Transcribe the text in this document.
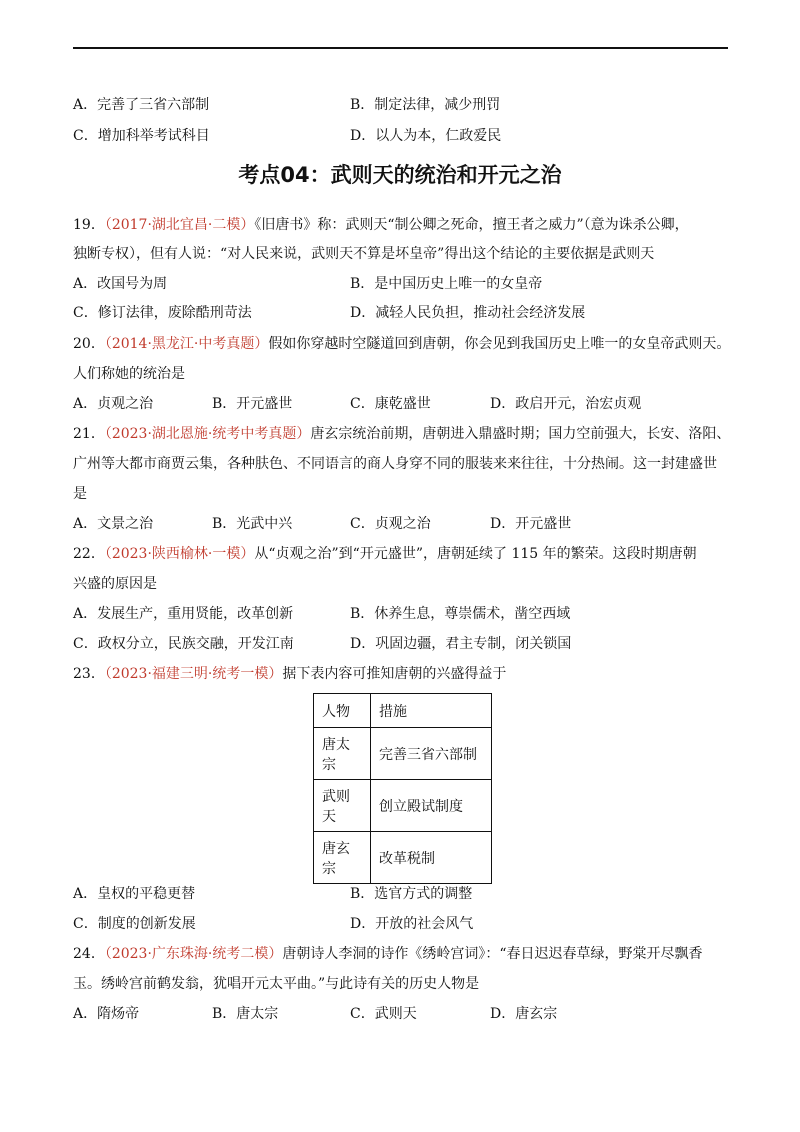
A．完善了三省六部制	B．制定法律，减少刑罚
C．增加科举考试科目	D．以人为本，仁政爱民
考点04：武则天的统治和开元之治
19．（2017·湖北宜昌·二模）《旧唐书》称：武则天“制公卿之死命，擅王者之威力”（意为诛杀公卿，
独断专权），但有人说：“对人民来说，武则天不算是坏皇帝”得出这个结论的主要依据是武则天
A．改国号为周	B．是中国历史上唯一的女皇帝
C．修订法律，废除酷刑苛法	D．减轻人民负担，推动社会经济发展
20．（2014·黑龙江·中考真题）假如你穿越时空隧道回到唐朝，你会见到我国历史上唯一的女皇帝武则天。
人们称她的统治是
A．贞观之治	B．开元盛世	C．康乾盛世	D．政启开元，治宏贞观
21．（2023·湖北恩施·统考中考真题）唐玄宗统治前期，唐朝进入鼎盛时期；国力空前强大，长安、洛阳、
广州等大都市商贾云集，各种肤色、不同语言的商人身穿不同的服装来来往往，十分热闹。这一封建盛世
是
A．文景之治	B．光武中兴	C．贞观之治	D．开元盛世
22．（2023·陕西榆林·一模）从“贞观之治”到“开元盛世”，唐朝延续了 115 年的繁荣。这段时期唐朝
兴盛的原因是
A．发展生产，重用贤能，改革创新	B．休养生息，尊崇儒术，凿空西域
C．政权分立，民族交融，开发江南	D．巩固边疆，君主专制，闭关锁国
23．（2023·福建三明·统考一模）据下表内容可推知唐朝的兴盛得益于
人物	措施
唐太
宗	完善三省六部制
武则
天	创立殿试制度
唐玄
宗	改革税制
A．皇权的平稳更替	B．选官方式的调整
C．制度的创新发展	D．开放的社会风气
24．（2023·广东珠海·统考二模）唐朝诗人李洞的诗作《绣岭宫词》：“春日迟迟春草绿，野棠开尽飘香
玉。绣岭宫前鹤发翁，犹唱开元太平曲。”与此诗有关的历史人物是
A．隋炀帝	B．唐太宗	C．武则天	D．唐玄宗
